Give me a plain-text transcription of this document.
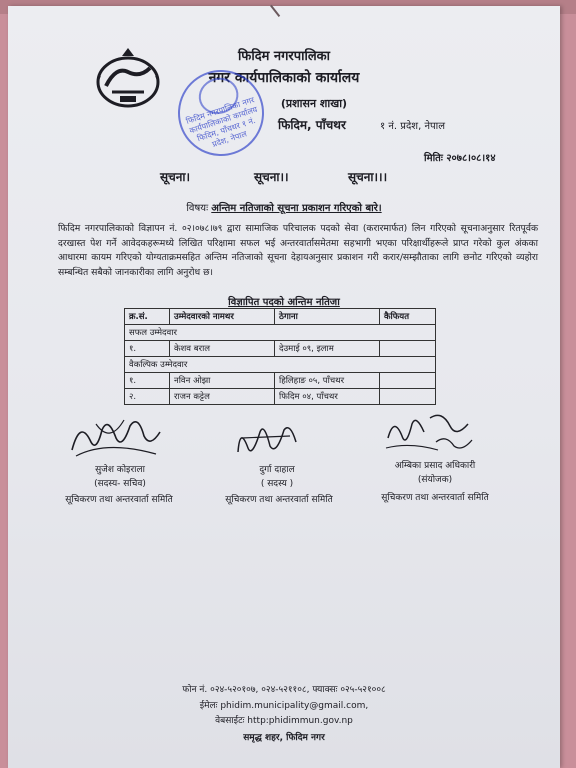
फिदिम नगरपालिका
नगर कार्यपालिकाको कार्यालय
(प्रशासन शाखा)
फिदिम, पाँचथर	१ नं. प्रदेश, नेपाल
मितिः २०७८।०८।१४
फिदिम नगरपालिका नगर कार्यपालिकाको कार्यालय फिदिम, पाँचथर १ नं. प्रदेश, नेपाल
सूचना।	सूचना।।	सूचना।।।
विषयः अन्तिम नतिजाको सूचना प्रकाशन गरिएको बारे।
फिदिम नगरपालिकाको विज्ञापन नं. ०२।०७८।७९ द्वारा सामाजिक परिचालक पदको सेवा (करारमार्फत) लिन गरिएको सूचनाअनुसार रितपूर्वक दरखास्त पेश गर्ने आवेदकहरूमध्ये लिखित परिक्षामा सफल भई अन्तरवार्तासमेतमा सहभागी भएका परिक्षार्थीहरूले प्राप्त गरेको कुल अंकका आधारमा कायम गरिएको योग्यताक्रमसहित अन्तिम नतिजाको सूचना देहायअनुसार प्रकाशन गरी करार/सम्झौताका लागि छनोट गरिएको व्यहोरा सम्बन्धित सबैको जानकारीका लागि अनुरोध छ।
विज्ञापित पदको अन्तिम नतिजा
क्र.सं.	उम्मेदवारको नामथर	ठेगाना	कैफियत
सफल उम्मेदवार			
१.	केशव बराल	देउमाई ०९, इलाम	
वैकल्पिक उम्मेदवार			
१.	नविन ओझा	हिलिहाङ ०५, पाँचथर	
२.	राजन कट्टेल	फिदिम ०४, पाँचथर	
सुजेश कोइराला
(सदस्य- सचिव)
सूचिकरण तथा अन्तरवार्ता समिति
दुर्गा दाहाल
( सदस्य )
सूचिकरण तथा अन्तरवार्ता समिति
अम्बिका प्रसाद अधिकारी
(संयोजक)
सूचिकरण तथा अन्तरवार्ता समिति
फोन नं. ०२४-५२०१०७, ०२४-५२११०८, फ्याक्सः ०२५-५२१००८
ईमेलः phidim.municipality@gmail.com,
वेबसाईटः http:phidimmun.gov.np
समृद्ध शहर, फिदिम नगर
